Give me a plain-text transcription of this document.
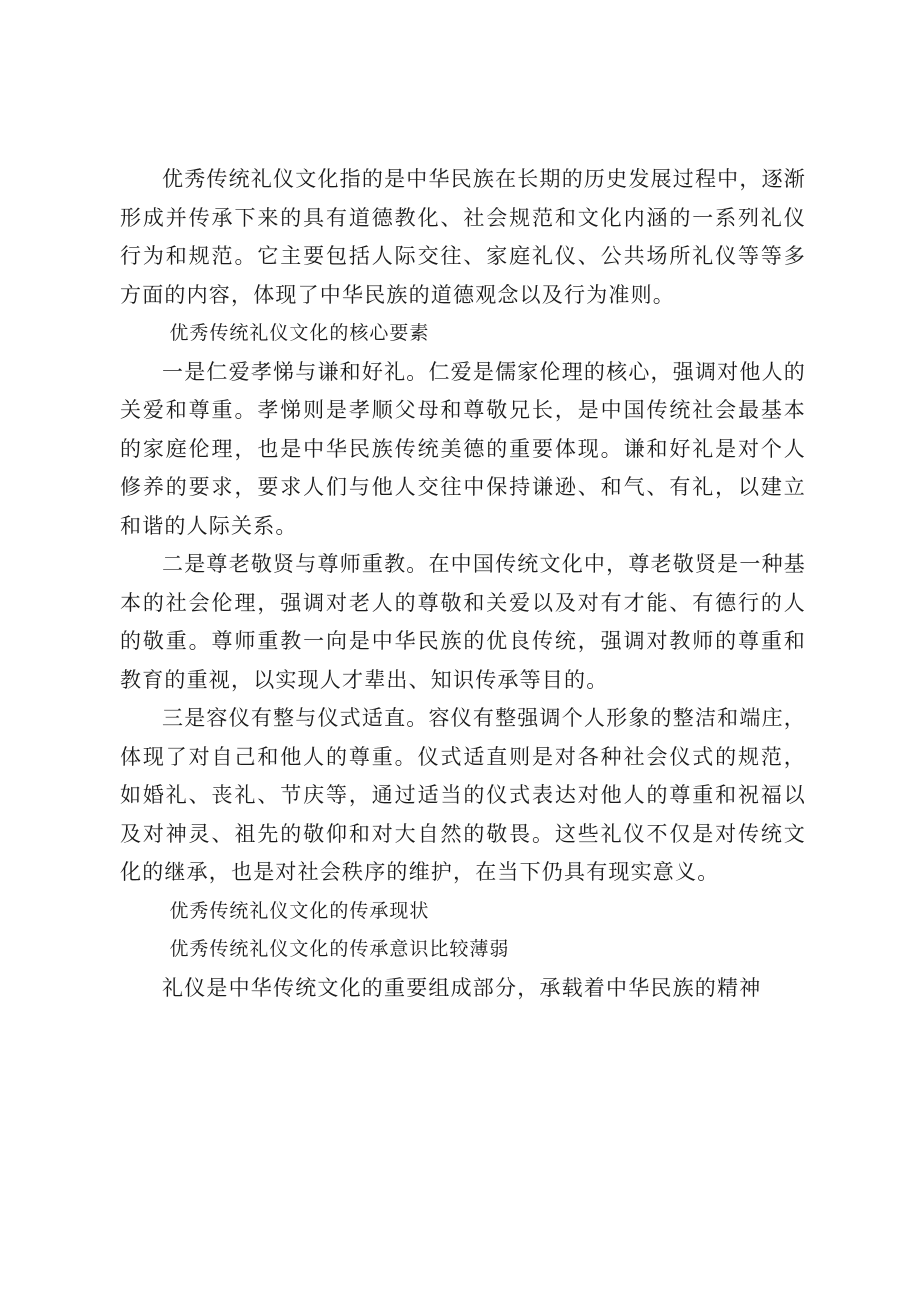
优秀传统礼仪文化指的是中华民族在长期的历史发展过程中，逐渐形成并传承下来的具有道德教化、社会规范和文化内涵的一系列礼仪行为和规范。它主要包括人际交往、家庭礼仪、公共场所礼仪等等多方面的内容，体现了中华民族的道德观念以及行为准则。

优秀传统礼仪文化的核心要素

一是仁爱孝悌与谦和好礼。仁爱是儒家伦理的核心，强调对他人的关爱和尊重。孝悌则是孝顺父母和尊敬兄长，是中国传统社会最基本的家庭伦理，也是中华民族传统美德的重要体现。谦和好礼是对个人修养的要求，要求人们与他人交往中保持谦逊、和气、有礼，以建立和谐的人际关系。

二是尊老敬贤与尊师重教。在中国传统文化中，尊老敬贤是一种基本的社会伦理，强调对老人的尊敬和关爱以及对有才能、有德行的人的敬重。尊师重教一向是中华民族的优良传统，强调对教师的尊重和教育的重视，以实现人才辈出、知识传承等目的。

三是容仪有整与仪式适直。容仪有整强调个人形象的整洁和端庄，体现了对自己和他人的尊重。仪式适直则是对各种社会仪式的规范，如婚礼、丧礼、节庆等，通过适当的仪式表达对他人的尊重和祝福以及对神灵、祖先的敬仰和对大自然的敬畏。这些礼仪不仅是对传统文化的继承，也是对社会秩序的维护，在当下仍具有现实意义。

优秀传统礼仪文化的传承现状

优秀传统礼仪文化的传承意识比较薄弱

礼仪是中华传统文化的重要组成部分，承载着中华民族的精神
